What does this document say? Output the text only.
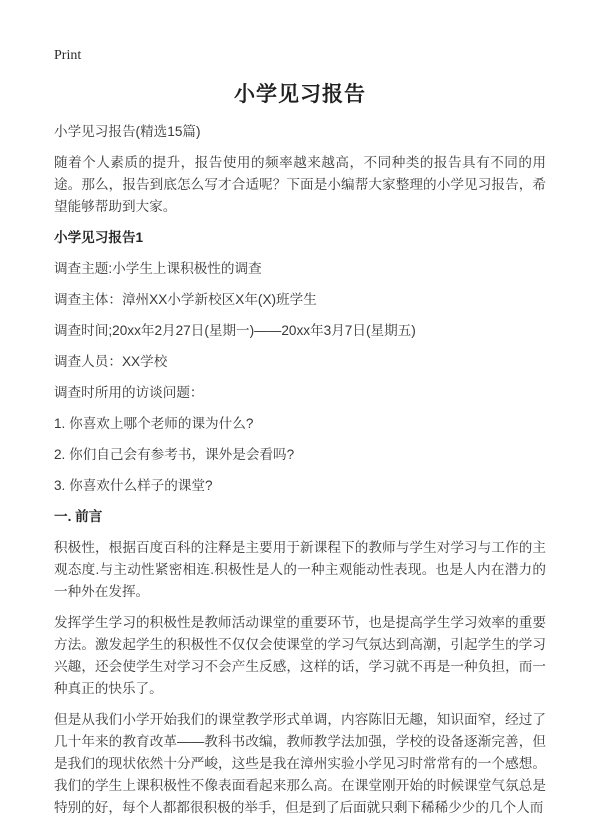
Print
小学见习报告

小学见习报告(精选15篇)

随着个人素质的提升，报告使用的频率越来越高，不同种类的报告具有不同的用途。那么，报告到底怎么写才合适呢？下面是小编帮大家整理的小学见习报告，希望能够帮助到大家。

小学见习报告1

调查主题:小学生上课积极性的调查

调查主体：漳州XX小学新校区X年(X)班学生

调查时间;20xx年2月27日(星期一)——20xx年3月7日(星期五)

调查人员：XX学校

调查时所用的访谈问题：

1. 你喜欢上哪个老师的课为什么?

2. 你们自己会有参考书，课外是会看吗?

3. 你喜欢什么样子的课堂?

一. 前言

积极性，根据百度百科的注释是主要用于新课程下的教师与学生对学习与工作的主观态度.与主动性紧密相连.积极性是人的一种主观能动性表现。也是人内在潜力的一种外在发挥。

发挥学生学习的积极性是教师活动课堂的重要环节，也是提高学生学习效率的重要方法。激发起学生的积极性不仅仅会使课堂的学习气氛达到高潮，引起学生的学习兴趣，还会使学生对学习不会产生反感，这样的话，学习就不再是一种负担，而一种真正的快乐了。

但是从我们小学开始我们的课堂教学形式单调，内容陈旧无趣，知识面窄，经过了几十年来的教育改革——教科书改编，教师教学法加强，学校的设备逐渐完善，但是我们的现状依然十分严峻，这些是我在漳州实验小学见习时常常有的一个感想。我们的学生上课积极性不像表面看起来那么高。在课堂刚开始的时候课堂气氛总是特别的好，每个人都都很积极的举手，但是到了后面就只剩下稀稀少少的几个人而
